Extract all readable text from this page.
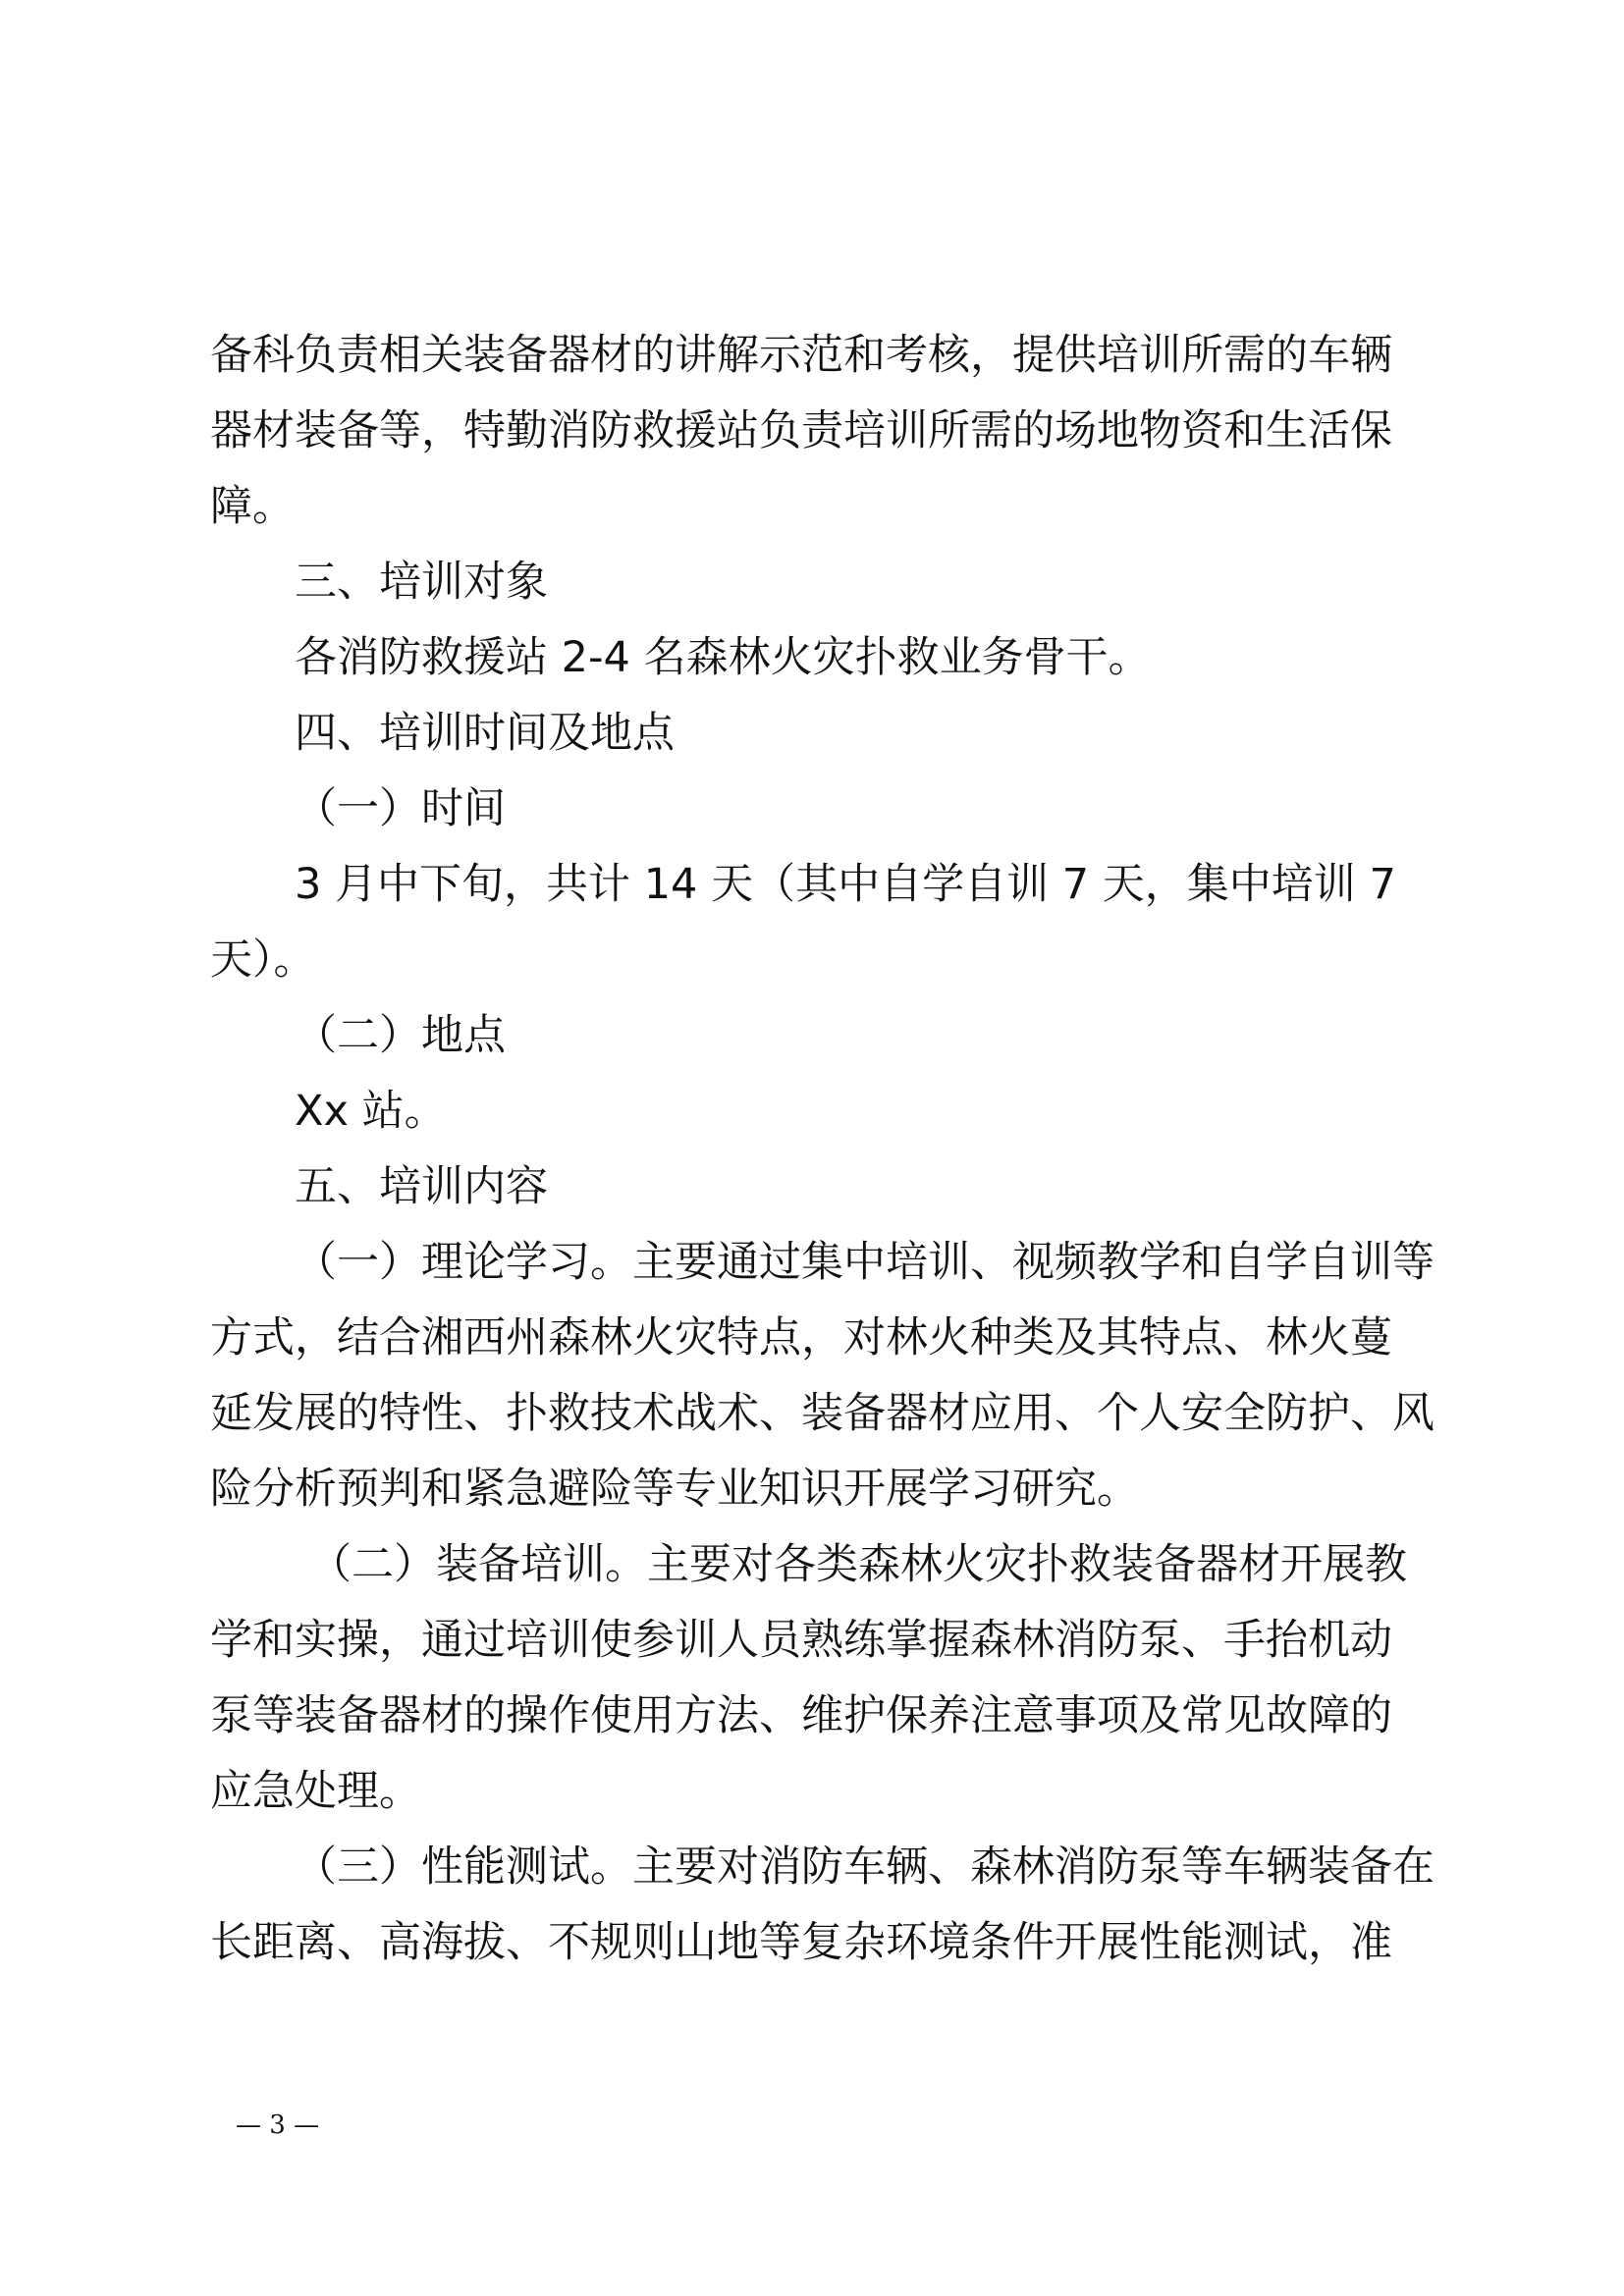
备科负责相关装备器材的讲解示范和考核，提供培训所需的车辆
器材装备等，特勤消防救援站负责培训所需的场地物资和生活保
障。
三、培训对象
各消防救援站 2-4 名森林火灾扑救业务骨干。
四、培训时间及地点
（一）时间
3 月中下旬，共计 14 天（其中自学自训 7 天，集中培训 7
天）。
（二）地点
Xx 站。
五、培训内容
（一）理论学习。主要通过集中培训、视频教学和自学自训等
方式，结合湘西州森林火灾特点，对林火种类及其特点、林火蔓
延发展的特性、扑救技术战术、装备器材应用、个人安全防护、风
险分析预判和紧急避险等专业知识开展学习研究。
（二）装备培训。主要对各类森林火灾扑救装备器材开展教
学和实操，通过培训使参训人员熟练掌握森林消防泵、手抬机动
泵等装备器材的操作使用方法、维护保养注意事项及常见故障的
应急处理。
（三）性能测试。主要对消防车辆、森林消防泵等车辆装备在
长距离、高海拔、不规则山地等复杂环境条件开展性能测试，准
— 3 —
